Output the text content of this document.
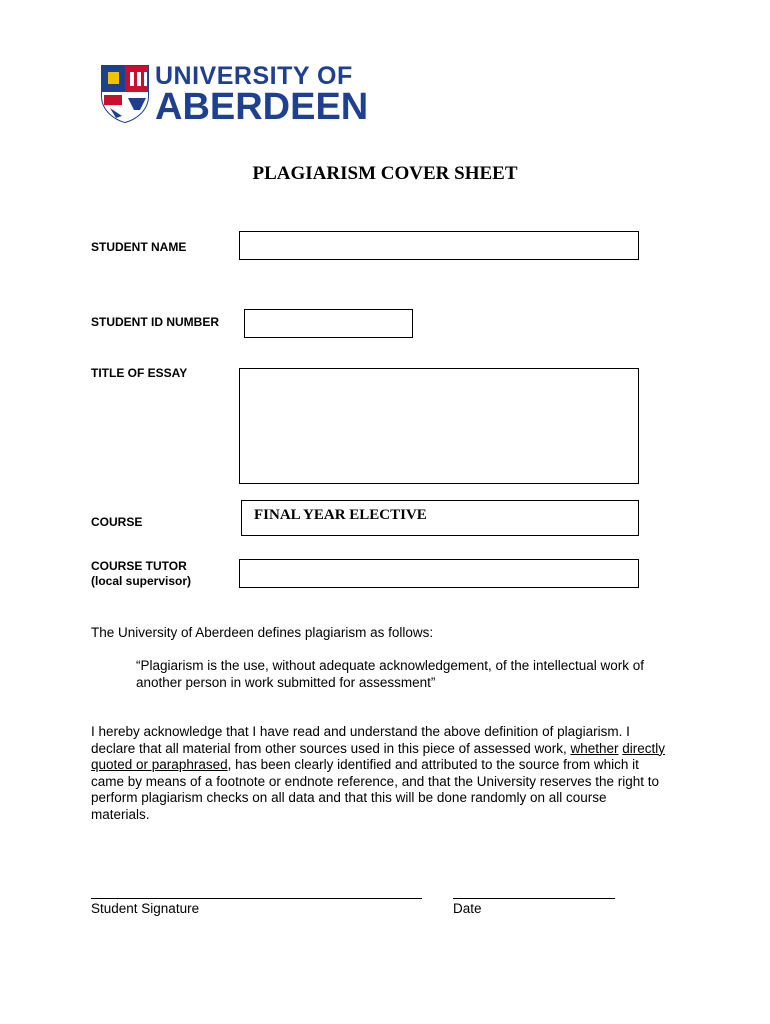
UNIVERSITY OF
ABERDEEN
PLAGIARISM COVER SHEET
STUDENT NAME
STUDENT ID NUMBER
TITLE OF ESSAY
COURSE	FINAL YEAR ELECTIVE
COURSE TUTOR
(local supervisor)
The University of Aberdeen defines plagiarism as follows:
“Plagiarism is the use, without adequate acknowledgement, of the intellectual work of
another person in work submitted for assessment”
I hereby acknowledge that I have read and understand the above definition of plagiarism. I
declare that all material from other sources used in this piece of assessed work, whether directly
quoted or paraphrased, has been clearly identified and attributed to the source from which it
came by means of a footnote or endnote reference, and that the University reserves the right to
perform plagiarism checks on all data and that this will be done randomly on all course
materials.
Student Signature	Date
